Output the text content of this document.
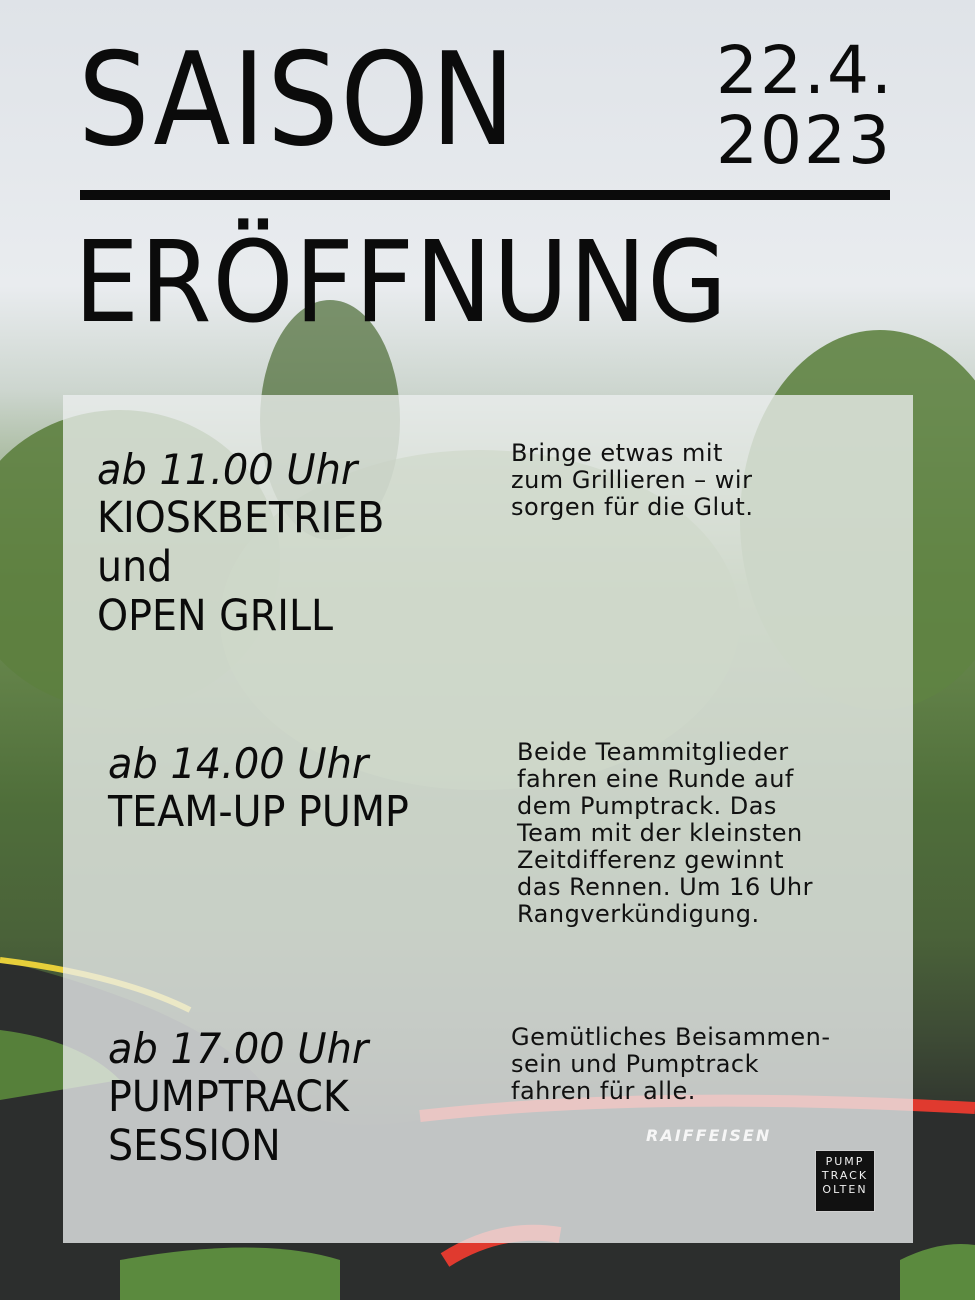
SAISON	22.4.
2023
ERÖFFNUNG
ab 11.00 Uhr
KIOSKBETRIEB
und
OPEN GRILL
Bringe etwas mit
zum Grillieren – wir
sorgen für die Glut.
ab 14.00 Uhr
TEAM-UP PUMP
Beide Teammitglieder
fahren eine Runde auf
dem Pumptrack. Das
Team mit der kleinsten
Zeitdifferenz gewinnt
das Rennen. Um 16 Uhr
Rangverkündigung.
ab 17.00 Uhr
PUMPTRACK
SESSION
Gemütliches Beisammen-
sein und Pumptrack
fahren für alle.
RAIFFEISEN
PUMP
TRACK
OLTEN
